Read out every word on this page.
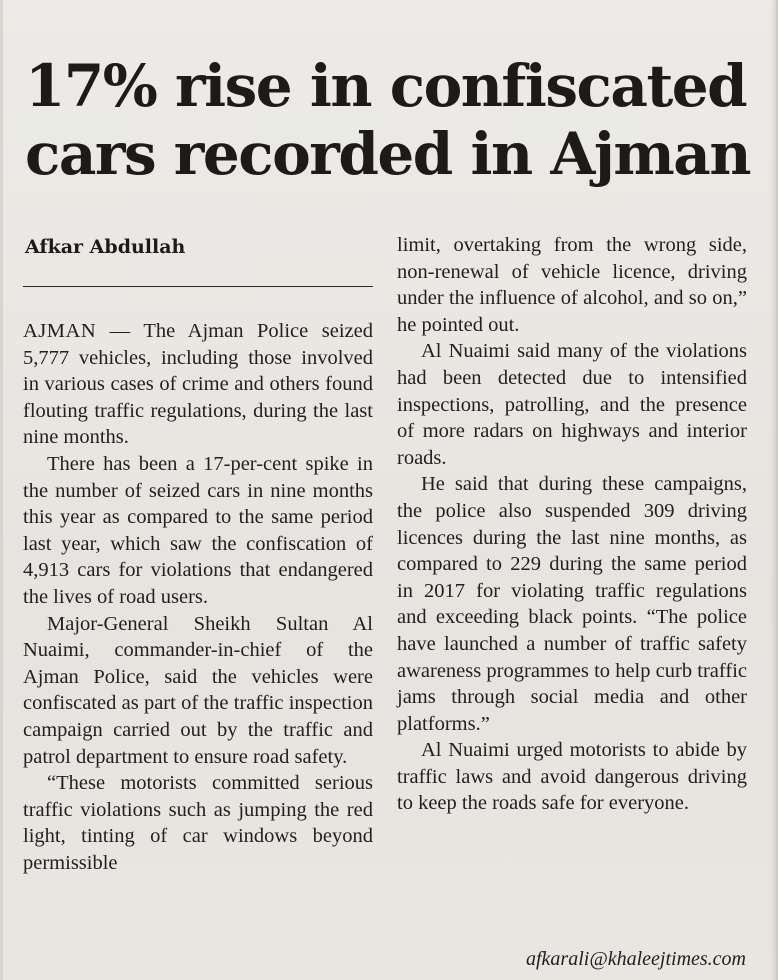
17% rise in confiscated cars recorded in Ajman
Afkar Abdullah

AJMAN — The Ajman Police seized 5,777 vehicles, including those involved in various cases of crime and others found flouting traffic regulations, during the last nine months.

There has been a 17-per-cent spike in the number of seized cars in nine months this year as compared to the same period last year, which saw the confiscation of 4,913 cars for violations that endangered the lives of road users.

Major-General Sheikh Sultan Al Nuaimi, commander-in-chief of the Ajman Police, said the vehicles were confiscated as part of the traffic inspection campaign carried out by the traffic and patrol department to ensure road safety.

“These motorists committed serious traffic violations such as jumping the red light, tinting of car windows beyond permissible

limit, overtaking from the wrong side, non-renewal of vehicle licence, driving under the influence of alcohol, and so on,” he pointed out.

Al Nuaimi said many of the violations had been detected due to intensified inspections, patrolling, and the presence of more radars on highways and interior roads.

He said that during these campaigns, the police also suspended 309 driving licences during the last nine months, as compared to 229 during the same period in 2017 for violating traffic regulations and exceeding black points. “The police have launched a number of traffic safety awareness programmes to help curb traffic jams through social media and other platforms.”

Al Nuaimi urged motorists to abide by traffic laws and avoid dangerous driving to keep the roads safe for everyone.

afkarali@khaleejtimes.com
